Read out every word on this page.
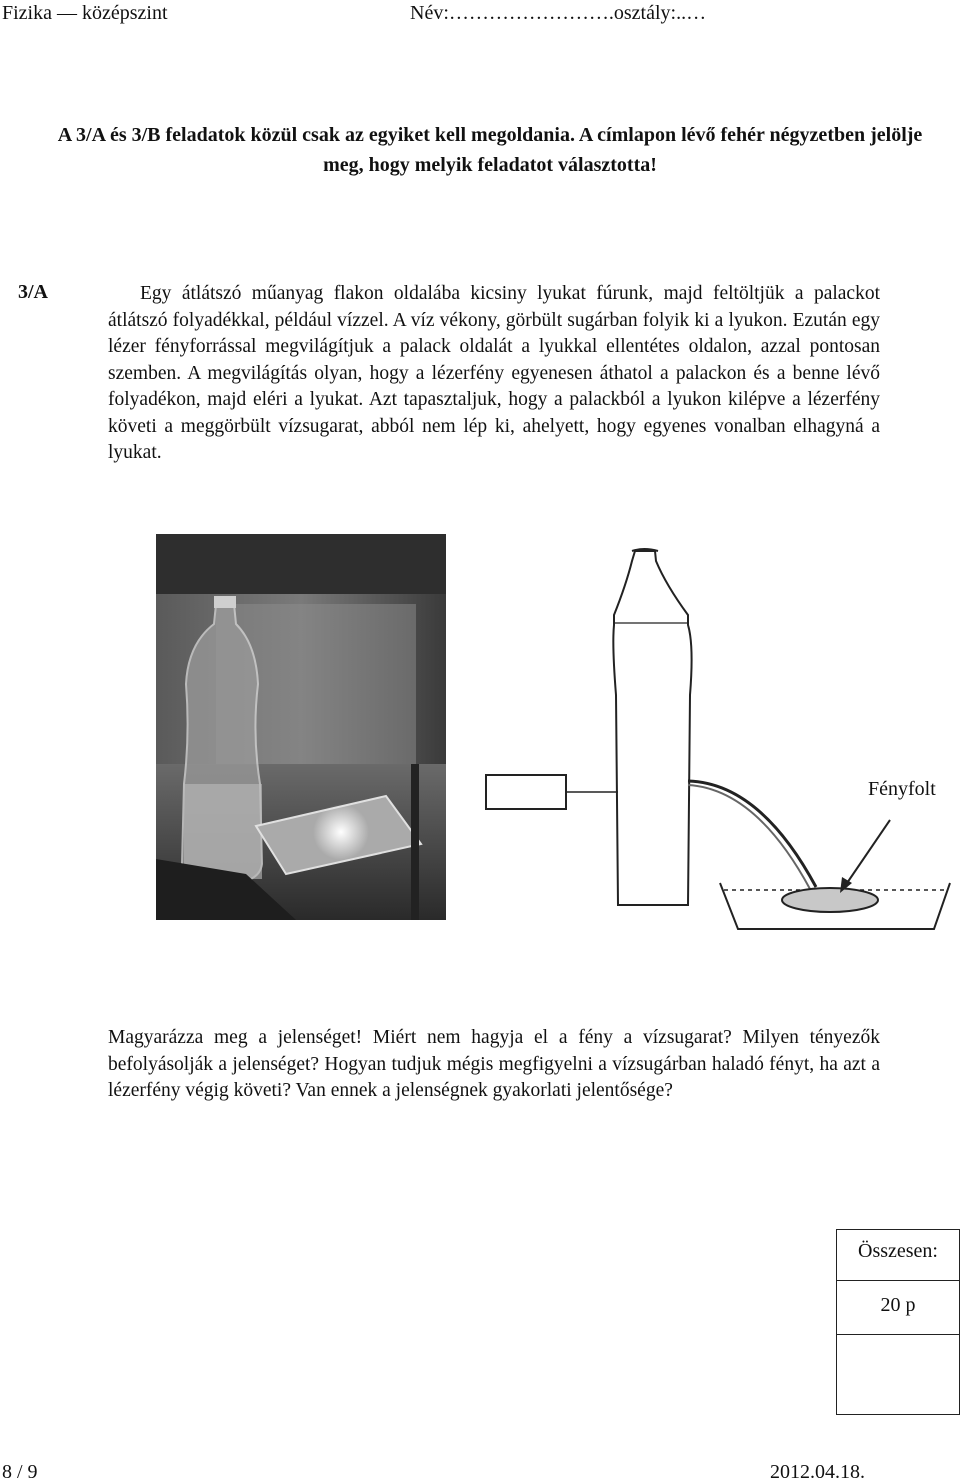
Fizika — középszint	Név:…………………….osztály:..…
A 3/A és 3/B feladatok közül csak az egyiket kell megoldania. A címlapon lévő fehér négyzetben jelölje meg, hogy melyik feladatot választotta!
3/A	Egy átlátszó műanyag flakon oldalába kicsiny lyukat fúrunk, majd feltöltjük a palackot átlátszó folyadékkal, például vízzel. A víz vékony, görbült sugárban folyik ki a lyukon. Ezután egy lézer fényforrással megvilágítjuk a palack oldalát a lyukkal ellentétes oldalon, azzal pontosan szemben. A megvilágítás olyan, hogy a lézerfény egyenesen áthatol a palackon és a benne lévő folyadékon, majd eléri a lyukat. Azt tapasztaljuk, hogy a palackból a lyukon kilépve a lézerfény követi a meggörbült vízsugarat, abból nem lép ki, ahelyett, hogy egyenes vonalban elhagyná a lyukat.
Fényfolt
Magyarázza meg a jelenséget! Miért nem hagyja el a fény a vízsugarat? Milyen tényezők befolyásolják a jelenséget? Hogyan tudjuk mégis megfigyelni a vízsugárban haladó fényt, ha azt a lézerfény végig követi? Van ennek a jelenségnek gyakorlati jelentősége?
Összesen:
20 p
8 / 9	2012.04.18.
